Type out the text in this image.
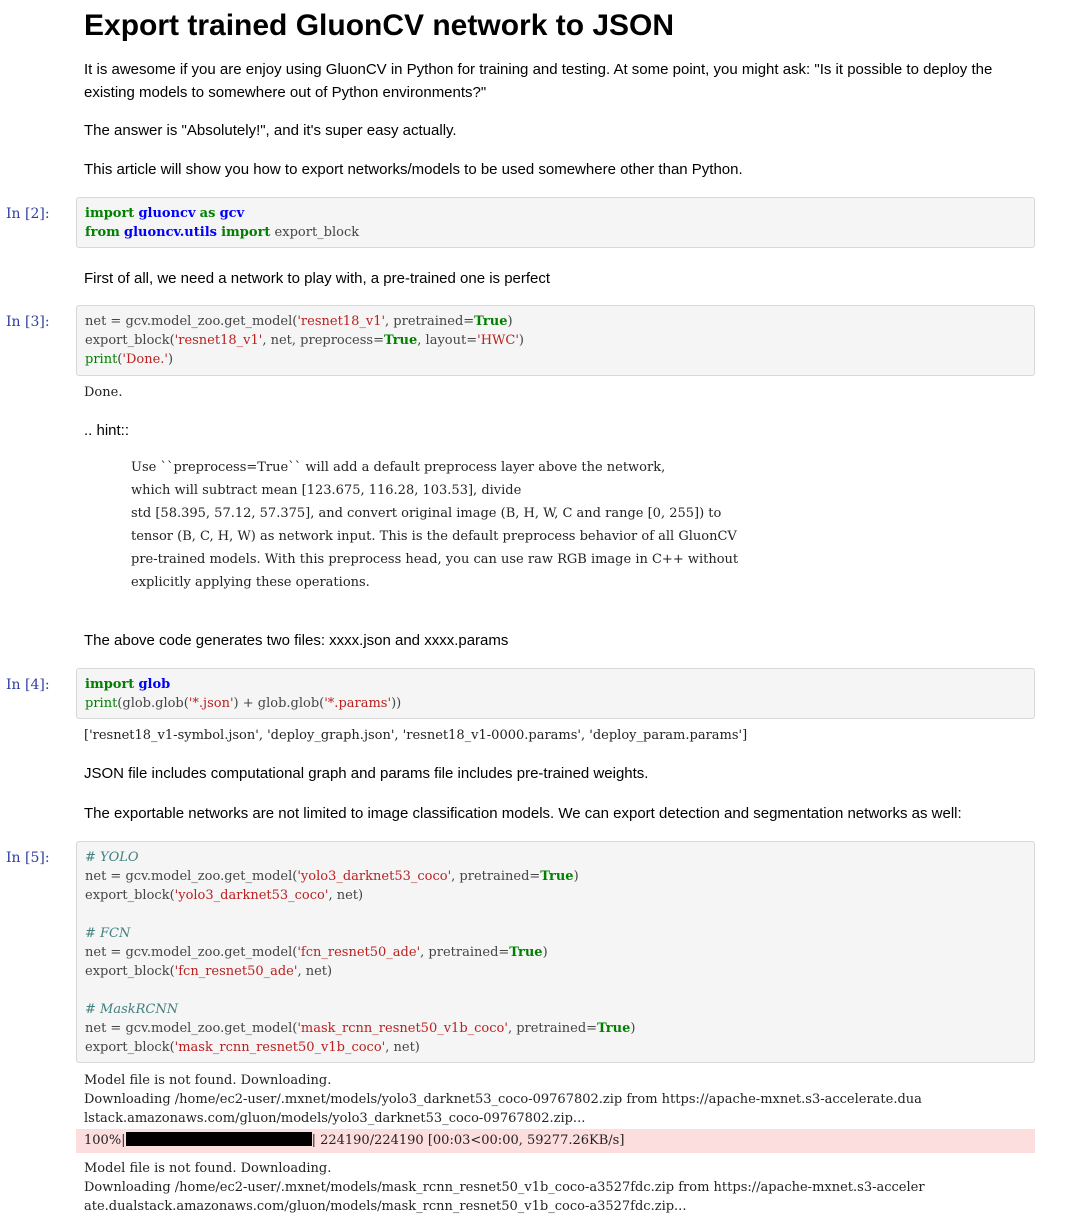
Export trained GluonCV network to JSON

It is awesome if you are enjoy using GluonCV in Python for training and testing. At some point, you might ask: "Is it possible to deploy the existing models to somewhere out of Python environments?"

The answer is "Absolutely!", and it's super easy actually.

This article will show you how to export networks/models to be used somewhere other than Python.

In [2]:	import gluoncv as gcv
from gluoncv.utils import export_block

First of all, we need a network to play with, a pre-trained one is perfect

In [3]:	net = gcv.model_zoo.get_model('resnet18_v1', pretrained=True)
export_block('resnet18_v1', net, preprocess=True, layout='HWC')
print('Done.')
Done.

.. hint::

Use ``preprocess=True`` will add a default preprocess layer above the network,
which will subtract mean [123.675, 116.28, 103.53], divide
std [58.395, 57.12, 57.375], and convert original image (B, H, W, C and range [0, 255]) to
tensor (B, C, H, W) as network input. This is the default preprocess behavior of all GluonCV
pre-trained models. With this preprocess head, you can use raw RGB image in C++ without
explicitly applying these operations.

The above code generates two files: xxxx.json and xxxx.params

In [4]:	import glob
print(glob.glob('*.json') + glob.glob('*.params'))
['resnet18_v1-symbol.json', 'deploy_graph.json', 'resnet18_v1-0000.params', 'deploy_param.params']

JSON file includes computational graph and params file includes pre-trained weights.

The exportable networks are not limited to image classification models. We can export detection and segmentation networks as well:

In [5]:	# YOLO
net = gcv.model_zoo.get_model('yolo3_darknet53_coco', pretrained=True)
export_block('yolo3_darknet53_coco', net)

# FCN
net = gcv.model_zoo.get_model('fcn_resnet50_ade', pretrained=True)
export_block('fcn_resnet50_ade', net)

# MaskRCNN
net = gcv.model_zoo.get_model('mask_rcnn_resnet50_v1b_coco', pretrained=True)
export_block('mask_rcnn_resnet50_v1b_coco', net)
Model file is not found. Downloading.
Downloading /home/ec2-user/.mxnet/models/yolo3_darknet53_coco-09767802.zip from https://apache-mxnet.s3-accelerate.dua
lstack.amazonaws.com/gluon/models/yolo3_darknet53_coco-09767802.zip...
100%|	| 224190/224190 [00:03<00:00, 59277.26KB/s]
Model file is not found. Downloading.
Downloading /home/ec2-user/.mxnet/models/mask_rcnn_resnet50_v1b_coco-a3527fdc.zip from https://apache-mxnet.s3-acceler
ate.dualstack.amazonaws.com/gluon/models/mask_rcnn_resnet50_v1b_coco-a3527fdc.zip...
